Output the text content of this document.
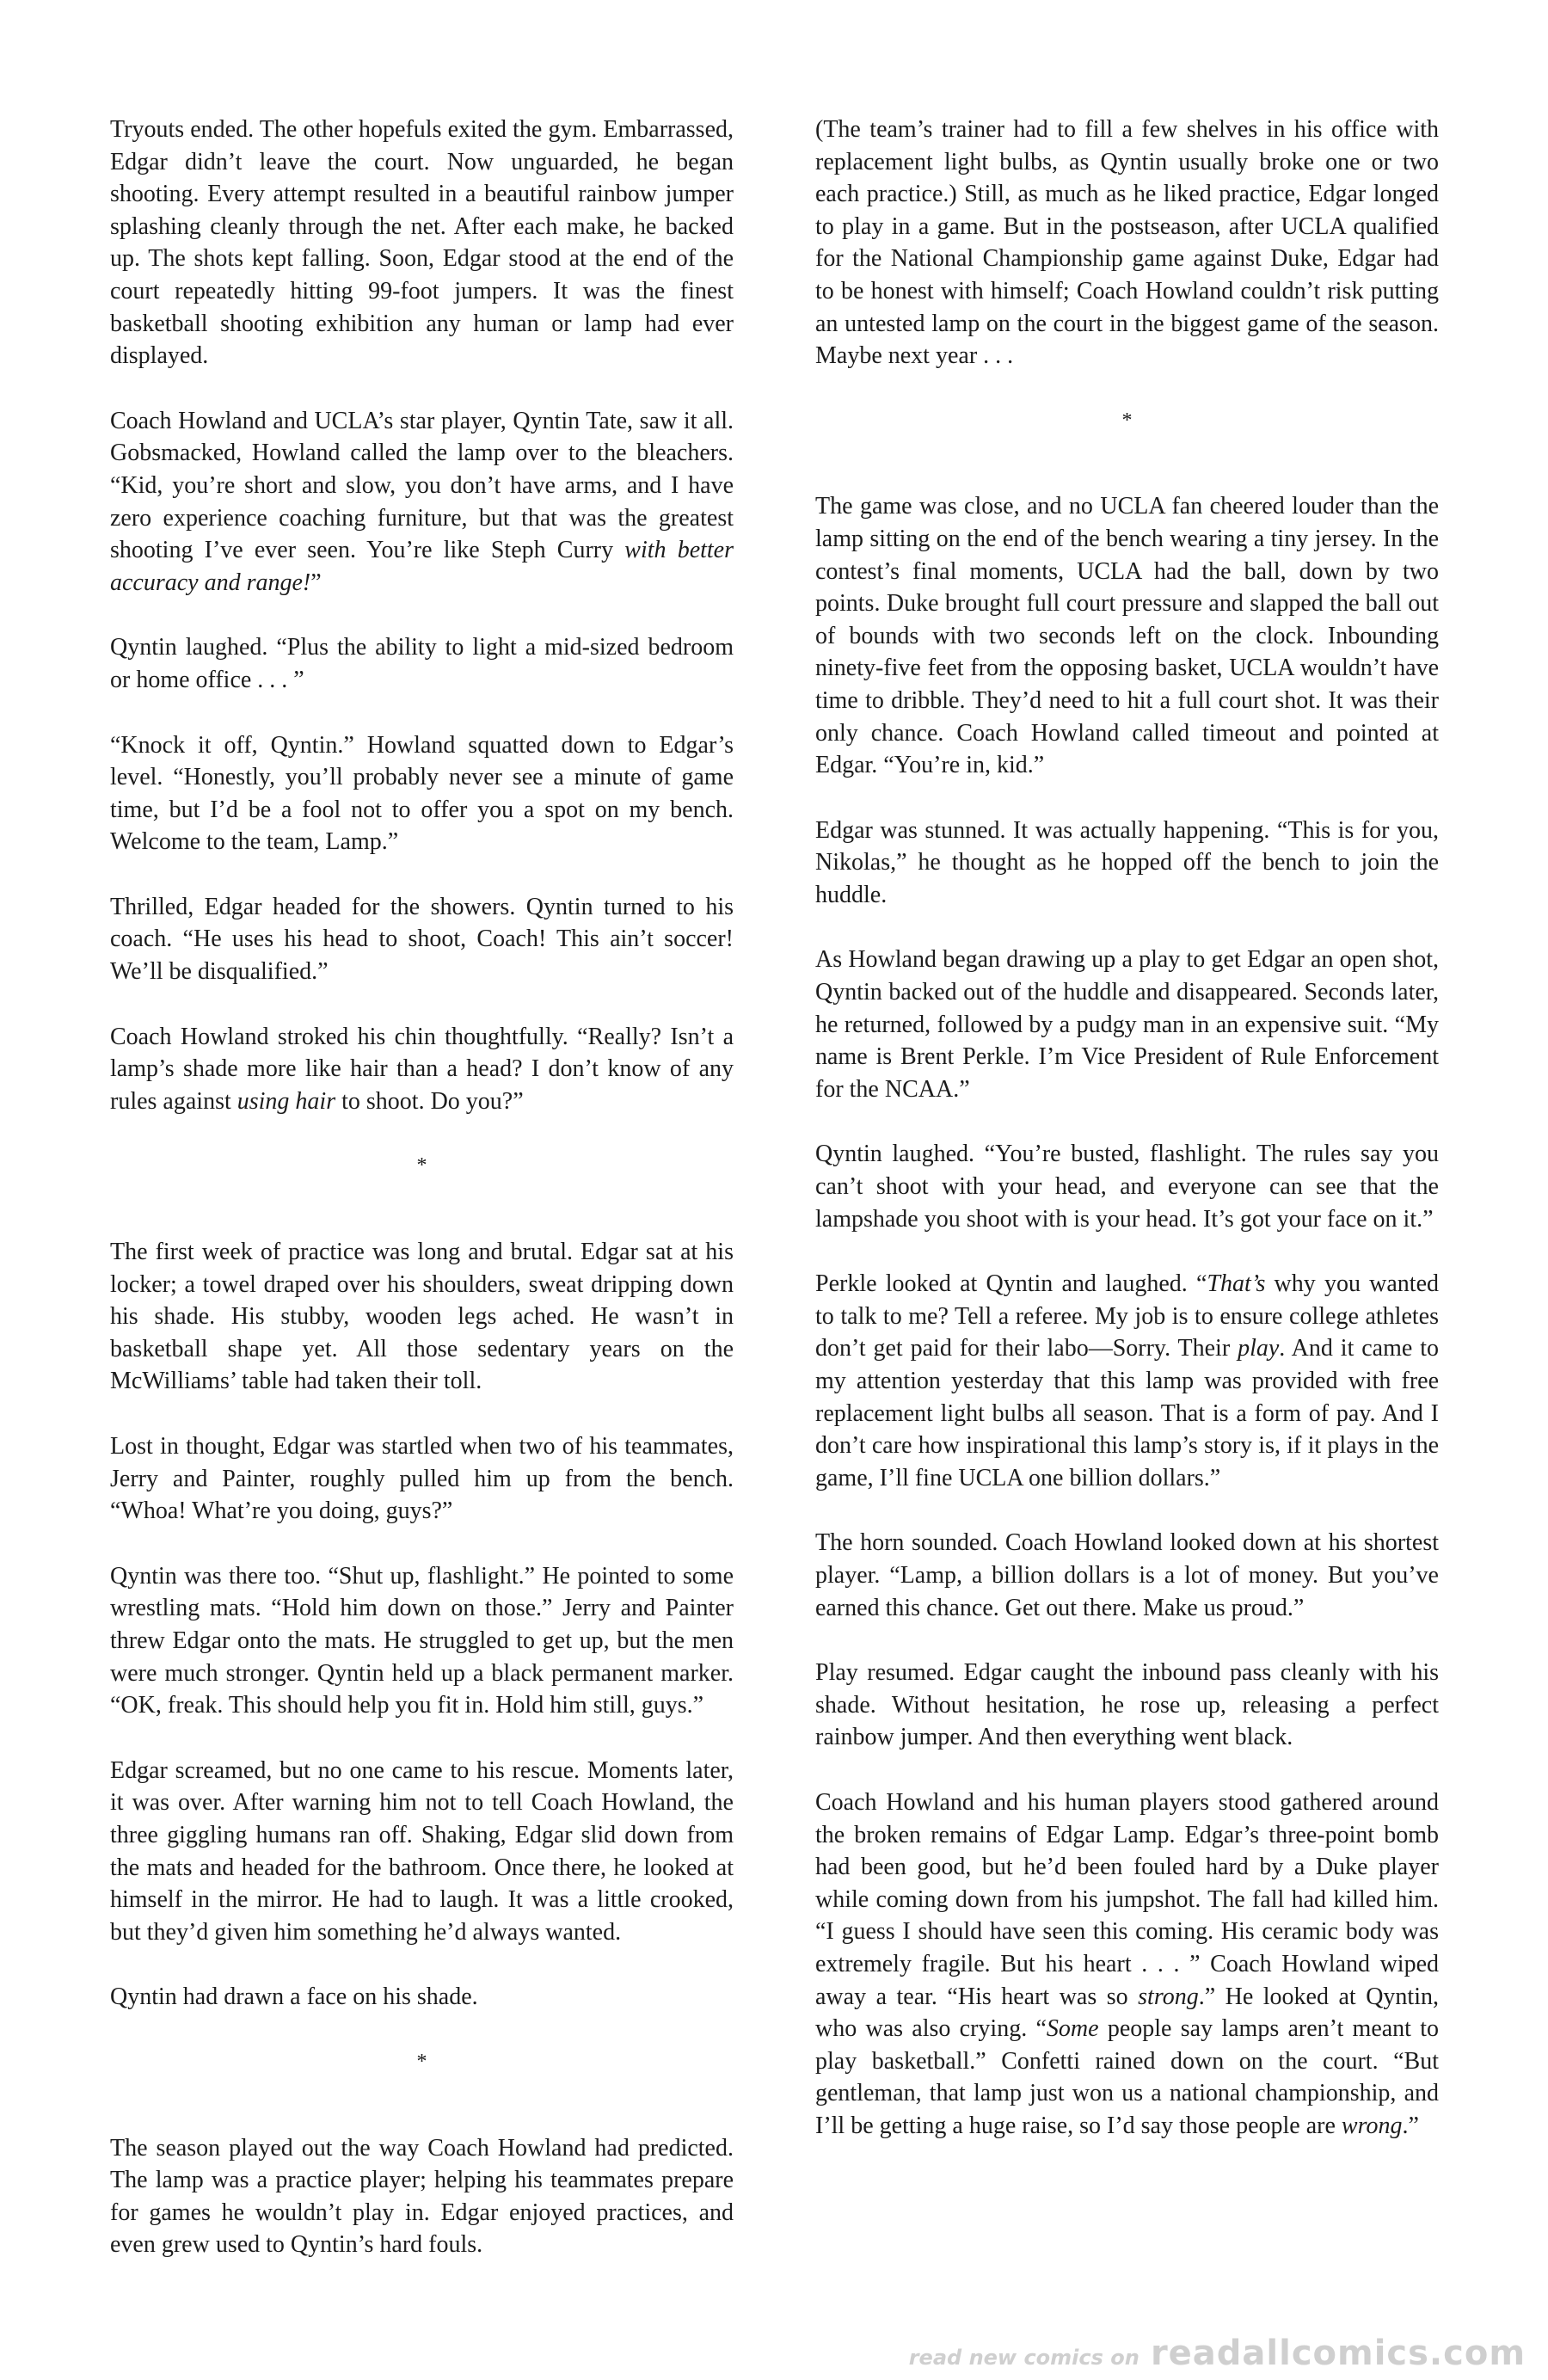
Tryouts ended. The other hopefuls exited the gym. Embarrassed, Edgar didn’t leave the court. Now unguarded, he began shooting. Every attempt resulted in a beautiful rainbow jumper splashing cleanly through the net. After each make, he backed up. The shots kept falling. Soon, Edgar stood at the end of the court repeatedly hitting 99-foot jumpers. It was the finest basketball shooting exhibition any human or lamp had ever displayed.

Coach Howland and UCLA’s star player, Qyntin Tate, saw it all. Gobsmacked, Howland called the lamp over to the bleachers. “Kid, you’re short and slow, you don’t have arms, and I have zero experience coaching furniture, but that was the greatest shooting I’ve ever seen. You’re like Steph Curry with better accuracy and range!”

Qyntin laughed. “Plus the ability to light a mid-sized bedroom or home office . . . ”

“Knock it off, Qyntin.” Howland squatted down to Edgar’s level. “Honestly, you’ll probably never see a minute of game time, but I’d be a fool not to offer you a spot on my bench. Welcome to the team, Lamp.”

Thrilled, Edgar headed for the showers. Qyntin turned to his coach. “He uses his head to shoot, Coach! This ain’t soccer! We’ll be disqualified.”

Coach Howland stroked his chin thoughtfully. “Really? Isn’t a lamp’s shade more like hair than a head? I don’t know of any rules against using hair to shoot. Do you?”

*

The first week of practice was long and brutal. Edgar sat at his locker; a towel draped over his shoulders, sweat dripping down his shade. His stubby, wooden legs ached. He wasn’t in basketball shape yet. All those sedentary years on the McWilliams’ table had taken their toll.

Lost in thought, Edgar was startled when two of his teammates, Jerry and Painter, roughly pulled him up from the bench. “Whoa! What’re you doing, guys?”

Qyntin was there too. “Shut up, flashlight.” He pointed to some wrestling mats. “Hold him down on those.” Jerry and Painter threw Edgar onto the mats. He struggled to get up, but the men were much stronger. Qyntin held up a black permanent marker. “OK, freak. This should help you fit in. Hold him still, guys.”

Edgar screamed, but no one came to his rescue. Moments later, it was over. After warning him not to tell Coach Howland, the three giggling humans ran off. Shaking, Edgar slid down from the mats and headed for the bathroom. Once there, he looked at himself in the mirror. He had to laugh. It was a little crooked, but they’d given him something he’d always wanted.

Qyntin had drawn a face on his shade.

*

The season played out the way Coach Howland had predicted. The lamp was a practice player; helping his teammates prepare for games he wouldn’t play in. Edgar enjoyed practices, and even grew used to Qyntin’s hard fouls.

(The team’s trainer had to fill a few shelves in his office with replacement light bulbs, as Qyntin usually broke one or two each practice.) Still, as much as he liked practice, Edgar longed to play in a game. But in the postseason, after UCLA qualified for the National Championship game against Duke, Edgar had to be honest with himself; Coach Howland couldn’t risk putting an untested lamp on the court in the biggest game of the season. Maybe next year . . .

*

The game was close, and no UCLA fan cheered louder than the lamp sitting on the end of the bench wearing a tiny jersey. In the contest’s final moments, UCLA had the ball, down by two points. Duke brought full court pressure and slapped the ball out of bounds with two seconds left on the clock. Inbounding ninety-five feet from the opposing basket, UCLA wouldn’t have time to dribble. They’d need to hit a full court shot. It was their only chance. Coach Howland called timeout and pointed at Edgar. “You’re in, kid.”

Edgar was stunned. It was actually happening. “This is for you, Nikolas,” he thought as he hopped off the bench to join the huddle.

As Howland began drawing up a play to get Edgar an open shot, Qyntin backed out of the huddle and disappeared. Seconds later, he returned, followed by a pudgy man in an expensive suit. “My name is Brent Perkle. I’m Vice President of Rule Enforcement for the NCAA.”

Qyntin laughed. “You’re busted, flashlight. The rules say you can’t shoot with your head, and everyone can see that the lampshade you shoot with is your head. It’s got your face on it.”

Perkle looked at Qyntin and laughed. “That’s why you wanted to talk to me? Tell a referee. My job is to ensure college athletes don’t get paid for their labo—Sorry. Their play. And it came to my attention yesterday that this lamp was provided with free replacement light bulbs all season. That is a form of pay. And I don’t care how inspirational this lamp’s story is, if it plays in the game, I’ll fine UCLA one billion dollars.”

The horn sounded. Coach Howland looked down at his shortest player. “Lamp, a billion dollars is a lot of money. But you’ve earned this chance. Get out there. Make us proud.”

Play resumed. Edgar caught the inbound pass cleanly with his shade. Without hesitation, he rose up, releasing a perfect rainbow jumper. And then everything went black.

Coach Howland and his human players stood gathered around the broken remains of Edgar Lamp. Edgar’s three-point bomb had been good, but he’d been fouled hard by a Duke player while coming down from his jumpshot. The fall had killed him. “I guess I should have seen this coming. His ceramic body was extremely fragile. But his heart . . . ” Coach Howland wiped away a tear. “His heart was so strong.” He looked at Qyntin, who was also crying. “Some people say lamps aren’t meant to play basketball.” Confetti rained down on the court. “But gentleman, that lamp just won us a national championship, and I’ll be getting a huge raise, so I’d say those people are wrong.”

read new comics on readallcomics.com
